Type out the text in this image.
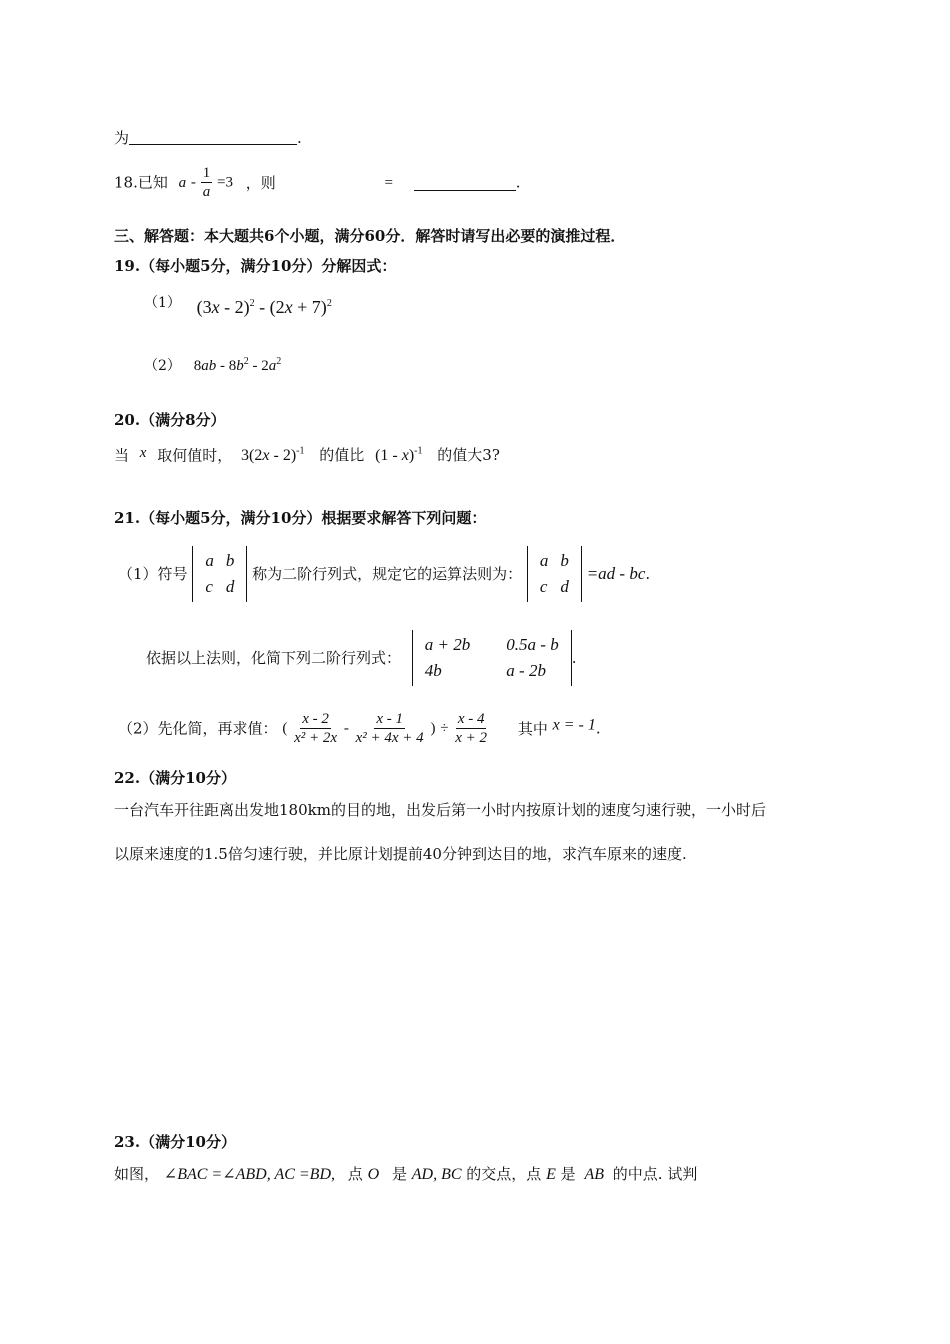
为	.
18.已知 $a - \frac{1}{a} =3$ ，则	=	.
三、解答题：本大题共6个小题，满分60分．解答时请写出必要的演推过程．
19.（每小题5分，满分10分）分解因式：
$^{(1)}$ $(3x - 2)^2 - (2x + 7)^2$
（2） $8ab - 8b^2 - 2a^2$
20.（满分8分）
当 x 取何值时， 3(2x - 2)$^{-1}$ 的值比 (1 - x)$^{-1}$ 的值大3?
21.（每小题5分，满分10分）根据要求解答下列问题：
（1）符号
a	b
c	d
称为二阶行列式，规定它的运算法则为：
a	b
c	d
=ad - bc.
依据以上法则，化简下列二阶行列式：
a + 2b	0.5a - b
4b	a - 2b
.
（2）先化简，再求值： ( $\frac{x - 2}{\text{x² + 2x}} - \frac{x - 1}{\text{x² + 4x + 4}}$ ) ÷ $\frac{x - 4}{x + 2}$ 其中 x = - 1.
22.（满分10分）
一台汽车开往距离出发地180km的目的地，出发后第一小时内按原计划的速度匀速行驶，一小时后
以原来速度的1.5倍匀速行驶，并比原计划提前40分钟到达目的地，求汽车原来的速度.
23.（满分10分）
如图， ∠BAC =∠ABD, AC =BD, 点 O 是 AD, BC 的交点，点 E 是 AB 的中点. 试判
